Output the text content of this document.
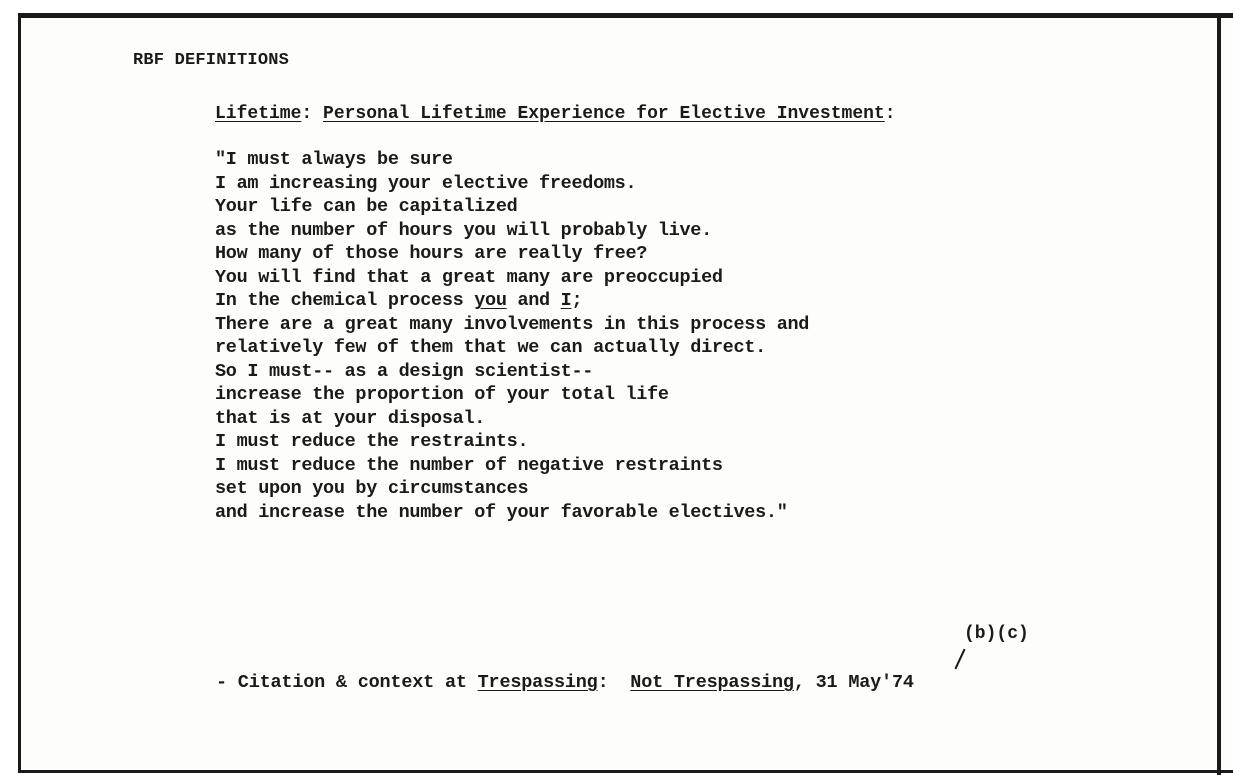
RBF DEFINITIONS
Lifetime: Personal Lifetime Experience for Elective Investment:
"I must always be sure
I am increasing your elective freedoms.
Your life can be capitalized
as the number of hours you will probably live.
How many of those hours are really free?
You will find that a great many are preoccupied
In the chemical process you and I;
There are a great many involvements in this process and
relatively few of them that we can actually direct.
So I must-- as a design scientist--
increase the proportion of your total life
that is at your disposal.
I must reduce the restraints.
I must reduce the number of negative restraints
set upon you by circumstances
and increase the number of your favorable electives."
(b)(c)
- Citation & context at Trespassing:  Not Trespassing, 31 May'74
